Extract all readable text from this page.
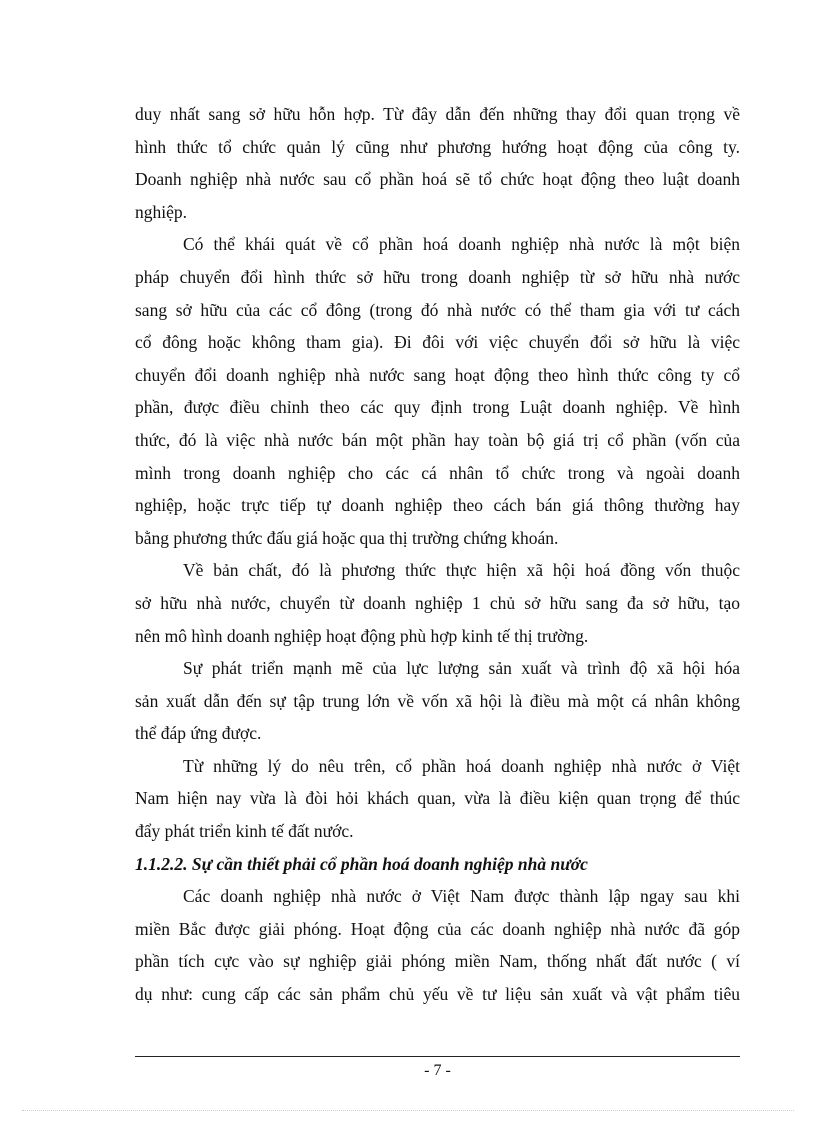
duy nhất sang sở hữu hỗn hợp. Từ đây dẫn đến những thay đổi quan trọng về
hình thức tổ chức quản lý cũng như phương hướng hoạt động của công ty.
Doanh nghiệp nhà nước sau cổ phần hoá sẽ tổ chức hoạt động theo luật doanh
nghiệp.

Có thể khái quát về cổ phần hoá doanh nghiệp nhà nước là một biện
pháp chuyển đổi hình thức sở hữu trong doanh nghiệp từ sở hữu nhà nước
sang sở hữu của các cổ đông (trong đó nhà nước có thể tham gia với tư cách
cổ đông hoặc không tham gia). Đi đôi với việc chuyển đổi sở hữu là việc
chuyển đổi doanh nghiệp nhà nước sang hoạt động theo hình thức công ty cổ
phần, được điều chỉnh theo các quy định trong Luật doanh nghiệp. Về hình
thức, đó là việc nhà nước bán một phần hay toàn bộ giá trị cổ phần (vốn của
mình trong doanh nghiệp cho các cá nhân tổ chức trong và ngoài doanh
nghiệp, hoặc trực tiếp tự doanh nghiệp theo cách bán giá thông thường hay
bằng phương thức đấu giá hoặc qua thị trường chứng khoán.

Về bản chất, đó là phương thức thực hiện xã hội hoá đồng vốn thuộc
sở hữu nhà nước, chuyển từ doanh nghiệp 1 chủ sở hữu sang đa sở hữu, tạo
nên mô hình doanh nghiệp hoạt động phù hợp kinh tế thị trường.

Sự phát triển mạnh mẽ của lực lượng sản xuất và trình độ xã hội hóa
sản xuất dẫn đến sự tập trung lớn về vốn xã hội là điều mà một cá nhân không
thể đáp ứng được.

Từ những lý do nêu trên, cổ phần hoá doanh nghiệp nhà nước ở Việt
Nam hiện nay vừa là đòi hỏi khách quan, vừa là điều kiện quan trọng để thúc
đẩy phát triển kinh tế đất nước.

1.1.2.2. Sự cần thiết phải cổ phần hoá doanh nghiệp nhà nước

Các doanh nghiệp nhà nước ở Việt Nam được thành lập ngay sau khi
miền Bắc được giải phóng. Hoạt động của các doanh nghiệp nhà nước đã góp
phần tích cực vào sự nghiệp giải phóng miền Nam, thống nhất đất nước ( ví
dụ như: cung cấp các sản phẩm chủ yếu về tư liệu sản xuất và vật phẩm tiêu

- 7 -
